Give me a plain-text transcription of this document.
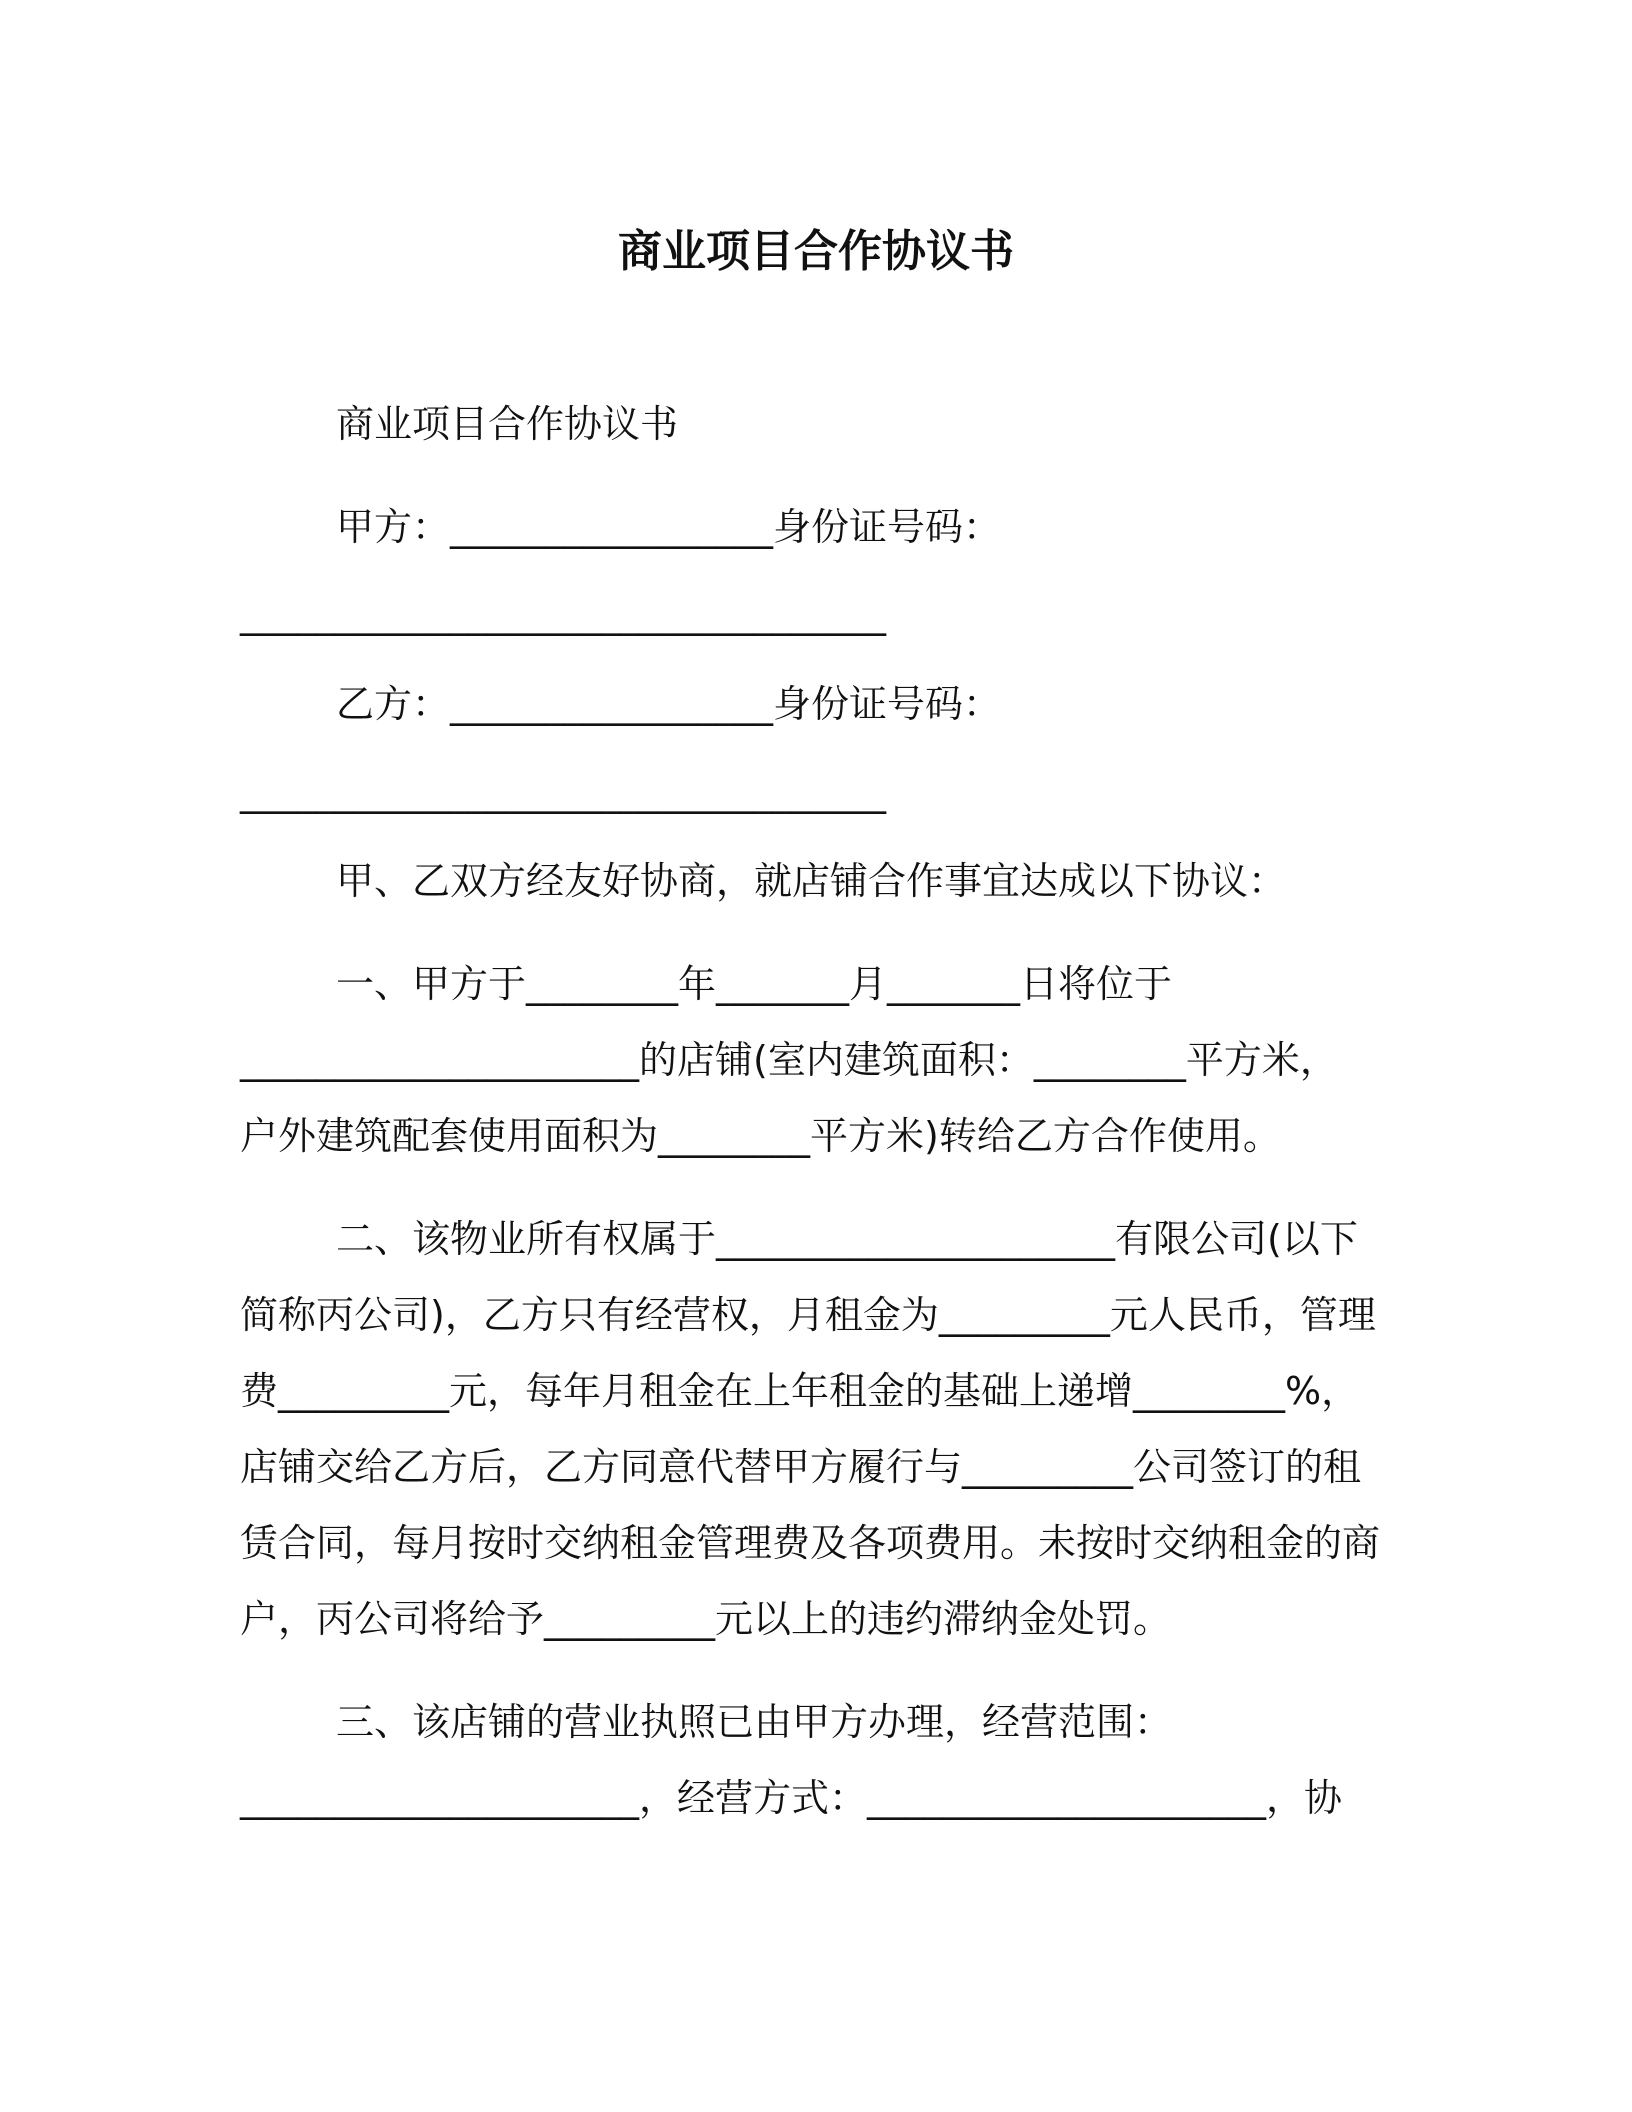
商业项目合作协议书
商业项目合作协议书
甲方：_________________身份证号码：
__________________________________
乙方：_________________身份证号码：
__________________________________
甲、乙双方经友好协商，就店铺合作事宜达成以下协议：
一、甲方于________年_______月_______日将位于
_____________________的店铺(室内建筑面积：________平方米，
户外建筑配套使用面积为________平方米)转给乙方合作使用。
二、该物业所有权属于_____________________有限公司(以下
简称丙公司)，乙方只有经营权，月租金为_________元人民币，管理
费_________元，每年月租金在上年租金的基础上递增________%，
店铺交给乙方后，乙方同意代替甲方履行与_________公司签订的租
赁合同，每月按时交纳租金管理费及各项费用。未按时交纳租金的商
户，丙公司将给予_________元以上的违约滞纳金处罚。
三、该店铺的营业执照已由甲方办理，经营范围：
_____________________，经营方式：_____________________，协
